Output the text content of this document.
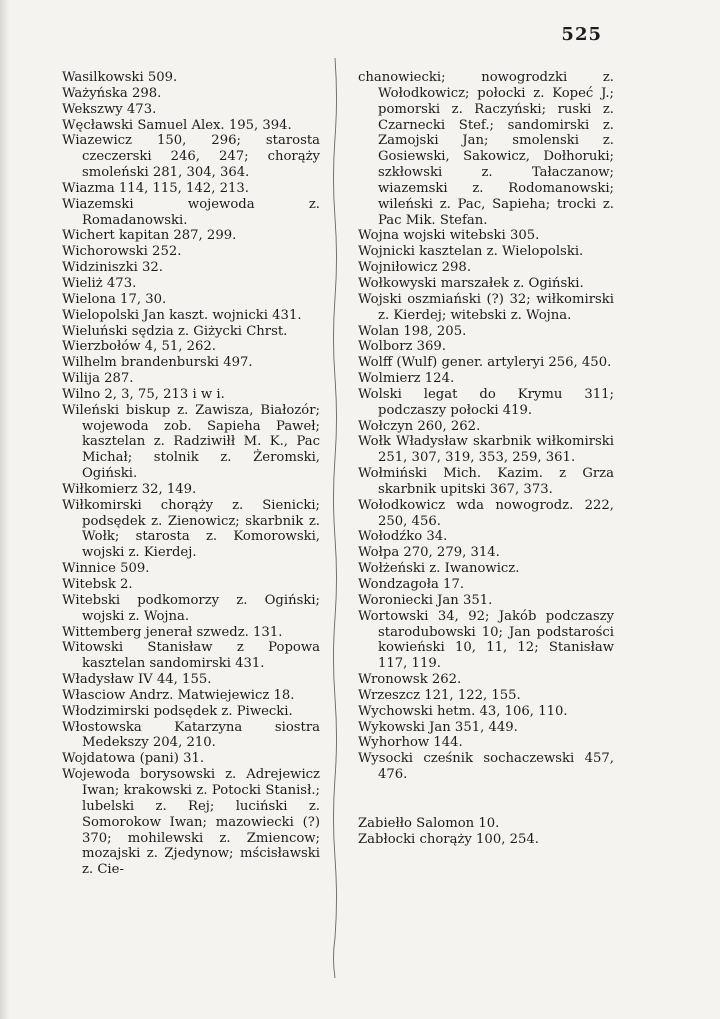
525

Wasilkowski 509.

Ważyńska 298.

Wekszwy 473.

Węcławski Samuel Alex. 195, 394.

Wiazewicz 150, 296; starosta czeczerski 246, 247; chorąży smoleński 281, 304, 364.

Wiazma 114, 115, 142, 213.

Wiazemski wojewoda z. Romadanowski.

Wichert kapitan 287, 299.

Wichorowski 252.

Widziniszki 32.

Wieliż 473.

Wielona 17, 30.

Wielopolski Jan kaszt. wojnicki 431.

Wieluński sędzia z. Giżycki Chrst.

Wierzbołów 4, 51, 262.

Wilhelm brandenburski 497.

Wilija 287.

Wilno 2, 3, 75, 213 i w i.

Wileński biskup z. Zawisza, Białozór; wojewoda zob. Sapieha Paweł; kasztelan z. Radziwiłł M. K., Pac Michał; stolnik z. Żeromski, Ogiński.

Wiłkomierz 32, 149.

Wiłkomirski chorąży z. Sienicki; podsędek z. Zienowicz; skarbnik z. Wołk; starosta z. Komorowski, wojski z. Kierdej.

Winnice 509.

Witebsk 2.

Witebski podkomorzy z. Ogiński; wojski z. Wojna.

Wittemberg jenerał szwedz. 131.

Witowski Stanisław z Popowa kasztelan sandomirski 431.

Władysław IV 44, 155.

Własciow Andrz. Matwiejewicz 18.

Włodzimirski podsędek z. Piwecki.

Włostowska Katarzyna siostra Medekszy 204, 210.

Wojdatowa (pani) 31.

Wojewoda borysowski z. Adrejewicz Iwan; krakowski z. Potocki Stanisł.; lubelski z. Rej; luciński z. Somorokow Iwan; mazowiecki (?) 370; mohilewski z. Zmiencow; mozajski z. Zjedynow; mścisławski z. Cie-

chanowiecki; nowogrodzki z. Wołodkowicz; połocki z. Kopeć J.; pomorski z. Raczyński; ruski z. Czarnecki Stef.; sandomirski z. Zamojski Jan; smolenski z. Gosiewski, Sakowicz, Dołhoruki; szkłowski z. Tałaczanow; wiazemski z. Rodomanowski; wileński z. Pac, Sapieha; trocki z. Pac Mik. Stefan.

Wojna wojski witebski 305.

Wojnicki kasztelan z. Wielopolski.

Wojniłowicz 298.

Wołkowyski marszałek z. Ogiński.

Wojski oszmiański (?) 32; wiłkomirski z. Kierdej; witebski z. Wojna.

Wolan 198, 205.

Wolborz 369.

Wolff (Wulf) gener. artyleryi 256, 450.

Wolmierz 124.

Wolski legat do Krymu 311; podczaszy połocki 419.

Wołczyn 260, 262.

Wołk Władysław skarbnik wiłkomirski 251, 307, 319, 353, 259, 361.

Wołmiński Mich. Kazim. z Grza skarbnik upitski 367, 373.

Wołodkowicz wda nowogrodz. 222, 250, 456.

Wołodźko 34.

Wołpa 270, 279, 314.

Wołżeński z. Iwanowicz.

Wondzagoła 17.

Woroniecki Jan 351.

Wortowski 34, 92; Jakób podczaszy starodubowski 10; Jan podstarości kowieński 10, 11, 12; Stanisław 117, 119.

Wronowsk 262.

Wrzeszcz 121, 122, 155.

Wychowski hetm. 43, 106, 110.

Wykowski Jan 351, 449.

Wyhorhow 144.

Wysocki cześnik sochaczewski 457, 476.

Zabiełło Salomon 10.

Zabłocki chorąży 100, 254.
